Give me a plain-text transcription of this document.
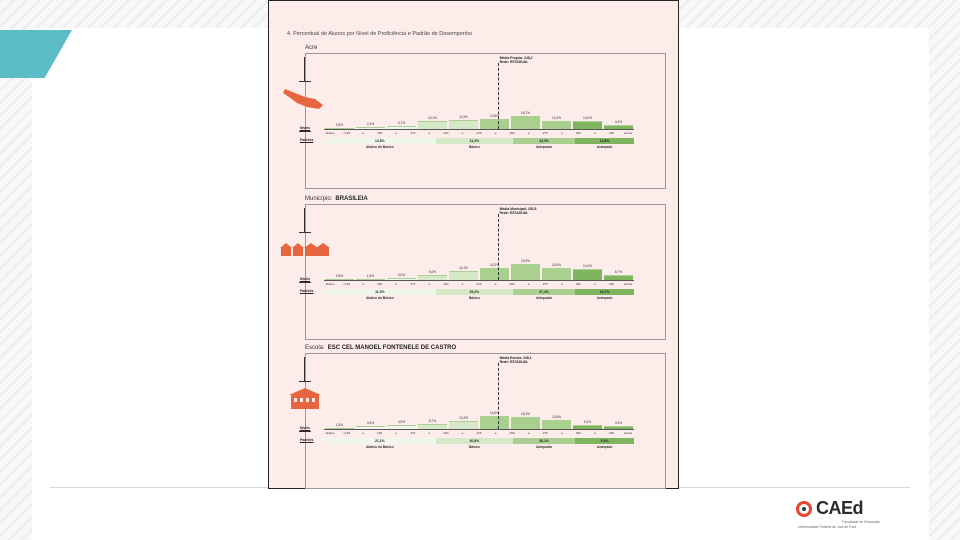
CAEd
Faculdade de Educação
Universidade Federal de Juiz de Fora
4. Percentual de Alunos por Nível de Proficiência e Padrão de Desempenho
Acre
0,5%	2,4%	3,7%
10,1%	11,5%	12,5%
16,7%
10,3%	10,0%
4,4%
Média Própria: 248,2
Rede: ESTADUAL
Níveis
abaixo	<125	≥	150	≥	175	≥	200	≥	225	≥	250	≥	275	≥	300	≥	325	acima
Padrões	14,5%
Abaixo do Básico
31,3%
Básico
34,5%
Adequado
14,8%
Avançado
Município: BRASILEIA
0,5%	1,8%	3,0%
6,0%
11,4%
15,3%
19,9%
15,0%	14,0%
6,7%
Média Municipal: 252,8
Rede: ESTADUAL
Níveis
abaixo	<125	≥	150	≥	175	≥	200	≥	225	≥	250	≥	275	≥	300	≥	325	acima
Padrões	11,0%
Abaixo do Básico
25,3%
Básico
37,4%
Adequado
20,7%
Avançado
Escola: ESC CEL MANOEL FONTENELE DE CASTRO
1,8%	3,6%	4,9%	6,7%
10,3%
16,5%	15,3%
10,8%
5,3%	3,3%
Média Escola: 248,1
Rede: ESTADUAL
Níveis
abaixo	<125	≥	150	≥	175	≥	200	≥	225	≥	250	≥	275	≥	300	≥	325	acima
Padrões	21,1%
Abaixo do Básico
30,8%
Básico
36,1%
Adequado
5,3%
Avançado
